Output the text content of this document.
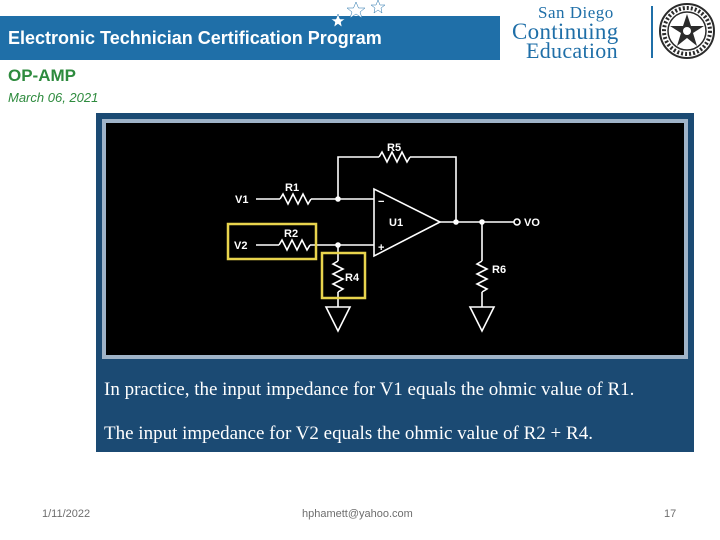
Electronic Technician Certification Program
San Diego
Continuing
Education
OP-AMP
March 06, 2021
R5
R1
V1
R2
V2
U1	VO
R4
R6
−
+
In practice, the input impedance for V1 equals the ohmic value of R1.
The input impedance for V2 equals the ohmic value of R2 + R4.
1/11/2022	hphamett@yahoo.com	17
